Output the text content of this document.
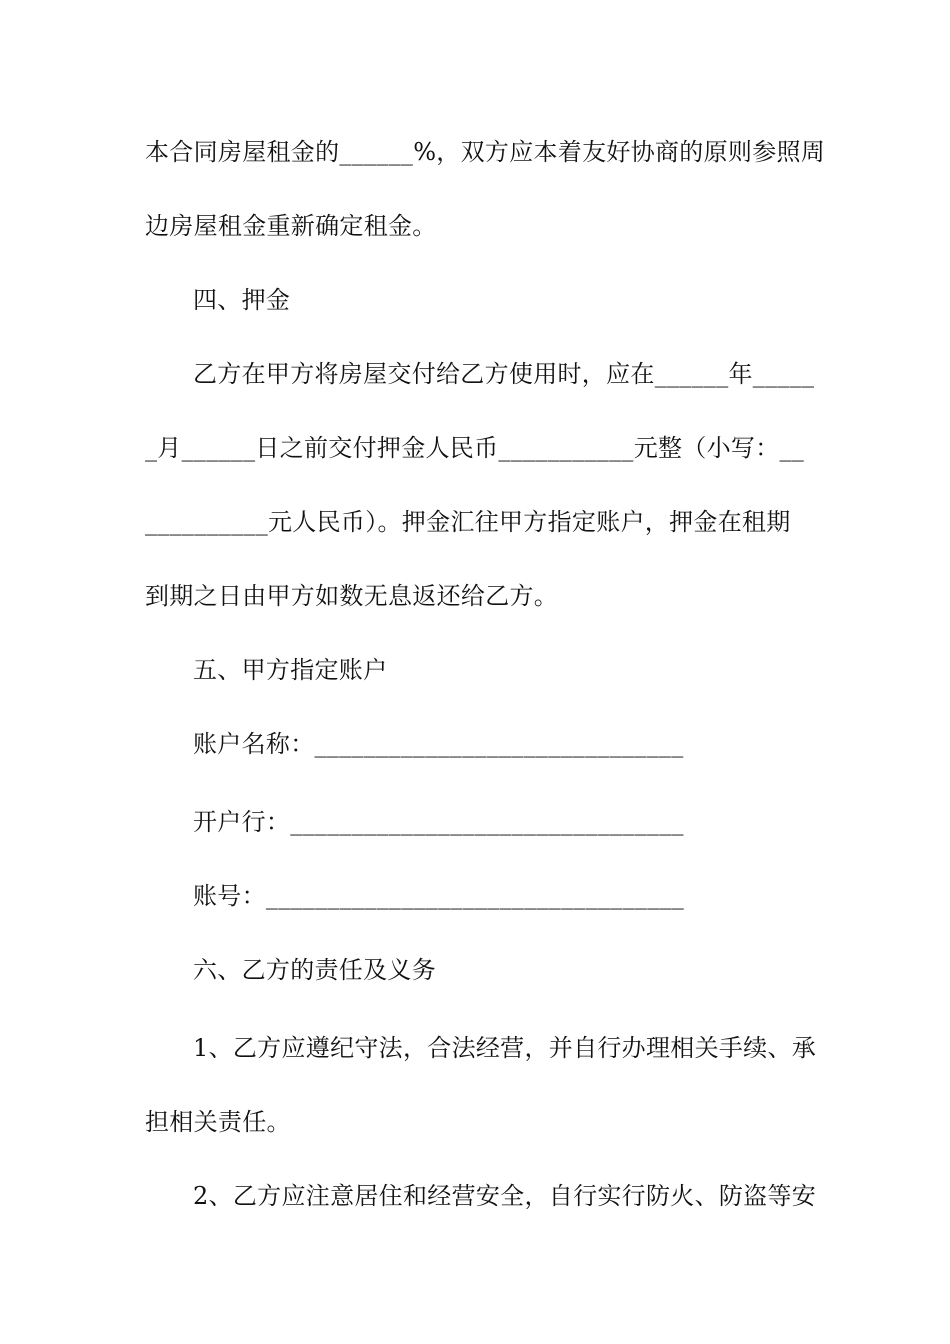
本合同房屋租金的______%，双方应本着友好协商的原则参照周
边房屋租金重新确定租金。
四、押金
乙方在甲方将房屋交付给乙方使用时，应在______年_____
_月______日之前交付押金人民币___________元整（小写：__
__________元人民币）。押金汇往甲方指定账户，押金在租期
到期之日由甲方如数无息返还给乙方。
五、甲方指定账户
账户名称：______________________________
开户行：________________________________
账号：__________________________________
六、乙方的责任及义务
1、乙方应遵纪守法，合法经营，并自行办理相关手续、承
担相关责任。
2、乙方应注意居住和经营安全，自行实行防火、防盗等安
